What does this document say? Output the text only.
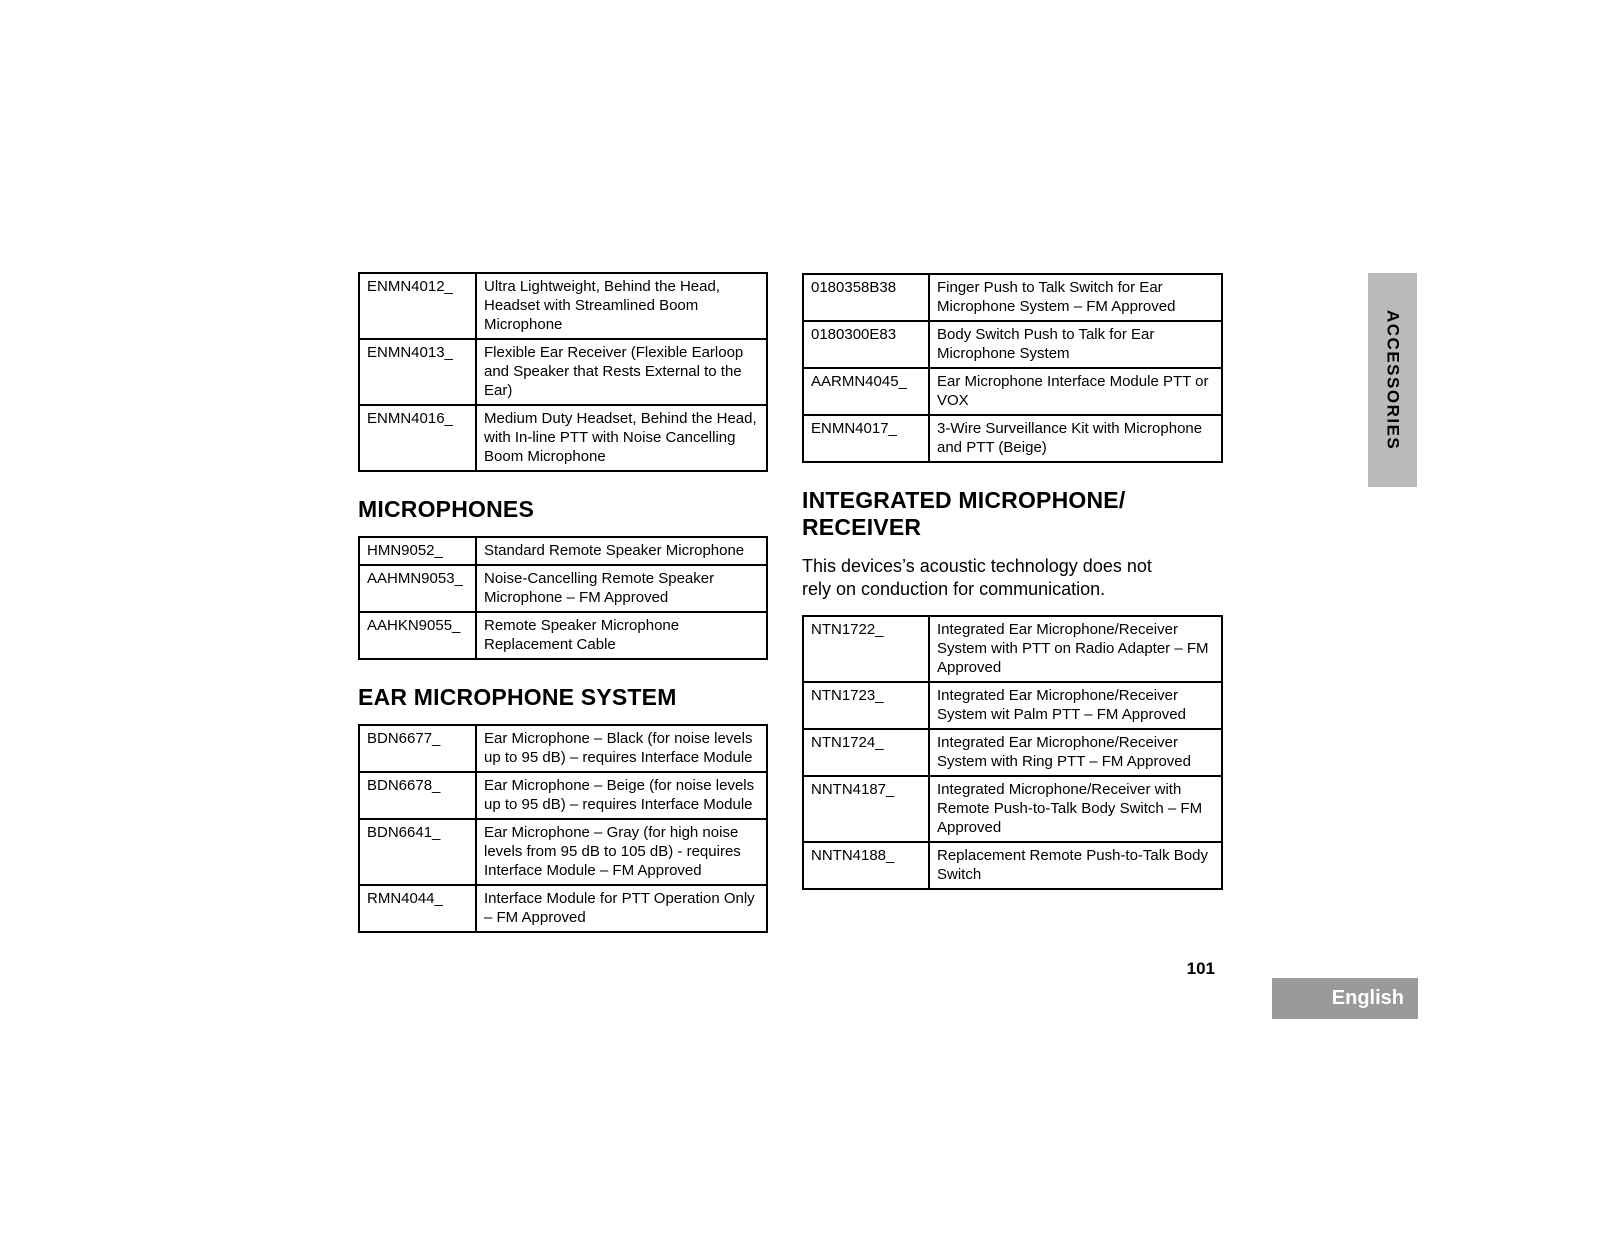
ENMN4012_	Ultra Lightweight, Behind the Head, Headset with Streamlined Boom Microphone
ENMN4013_	Flexible Ear Receiver (Flexible Earloop and Speaker that Rests External to the Ear)
ENMN4016_	Medium Duty Headset, Behind the Head, with In-line PTT with Noise Cancelling Boom Microphone
MICROPHONES
HMN9052_	Standard Remote Speaker Microphone
AAHMN9053_	Noise-Cancelling Remote Speaker Microphone – FM Approved
AAHKN9055_	Remote Speaker Microphone Replacement Cable
EAR MICROPHONE SYSTEM
BDN6677_	Ear Microphone – Black (for noise levels up to 95 dB) – requires Interface Module
BDN6678_	Ear Microphone – Beige (for noise levels up to 95 dB) – requires Interface Module
BDN6641_	Ear Microphone – Gray (for high noise levels from 95 dB to 105 dB) - requires Interface Module – FM Approved
RMN4044_	Interface Module for PTT Operation Only – FM Approved
0180358B38	Finger Push to Talk Switch for Ear Microphone System – FM Approved
0180300E83	Body Switch Push to Talk for Ear Microphone System
AARMN4045_	Ear Microphone Interface Module PTT or VOX
ENMN4017_	3-Wire Surveillance Kit with Microphone and PTT (Beige)
INTEGRATED MICROPHONE/ RECEIVER

This devices’s acoustic technology does not rely on conduction for communication.

NTN1722_	Integrated Ear Microphone/Receiver System with PTT on Radio Adapter – FM Approved
NTN1723_	Integrated Ear Microphone/Receiver System wit Palm PTT – FM Approved
NTN1724_	Integrated Ear Microphone/Receiver System with Ring PTT – FM Approved
NNTN4187_	Integrated Microphone/Receiver with Remote Push-to-Talk Body Switch – FM Approved
NNTN4188_	Replacement Remote Push-to-Talk Body Switch
ACCESSORIES
101
English
